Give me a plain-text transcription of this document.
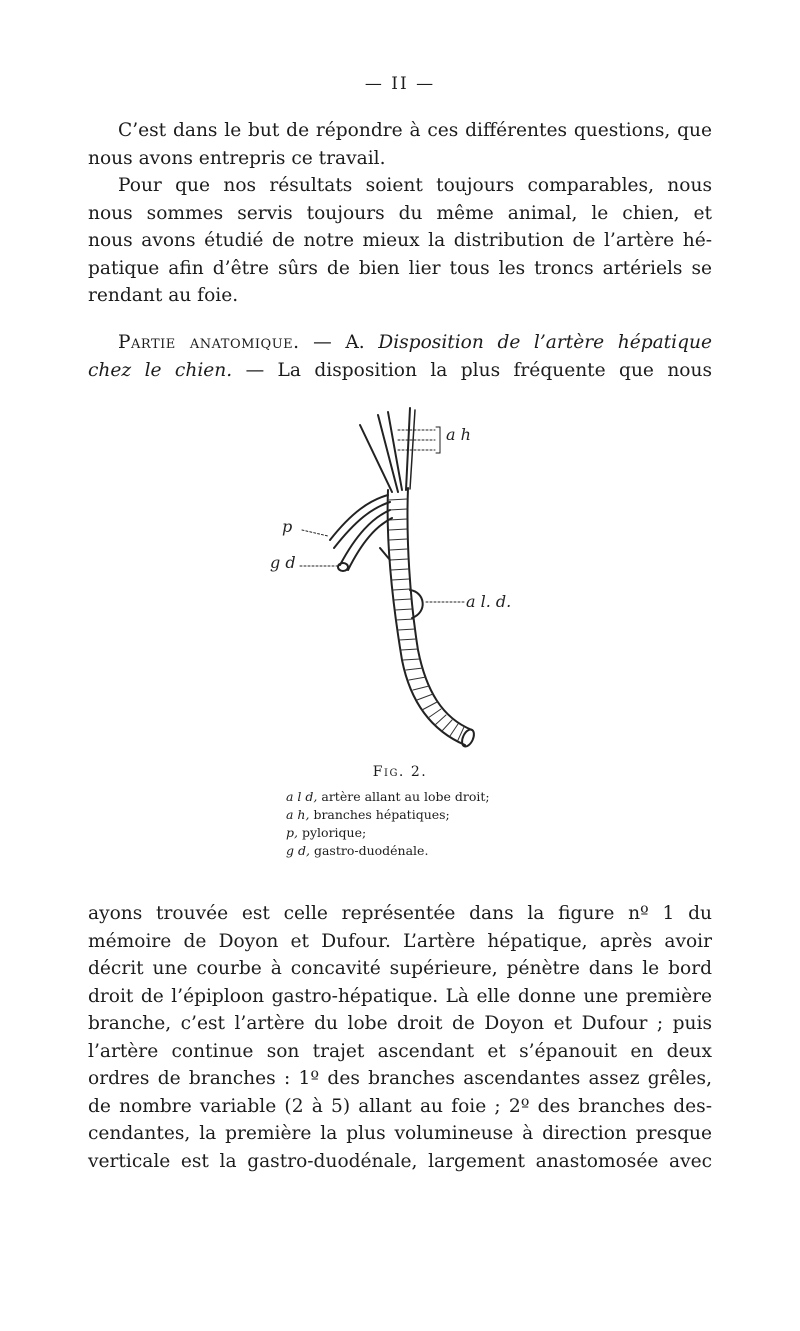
— II —

C’est dans le but de répondre à ces différentes questions, que
nous avons entrepris ce travail.

Pour que nos résultats soient toujours comparables, nous
nous sommes servis toujours du même animal, le chien, et
nous avons étudié de notre mieux la distribution de l’artère hé-
patique afin d’être sûrs de bien lier tous les troncs artériels se
rendant au foie.

Partie anatomique. — A. Disposition de l’artère hépatique
chez le chien. — La disposition la plus fréquente que nous

a h
p
g d
a l. d.
Fig. 2.
a l d, artère allant au lobe droit;
a h, branches hépatiques;
p, pylorique;
g d, gastro-duodénale.

ayons trouvée est celle représentée dans la figure nº 1 du
mémoire de Doyon et Dufour. L’artère hépatique, après avoir
décrit une courbe à concavité supérieure, pénètre dans le bord
droit de l’épiploon gastro-hépatique. Là elle donne une première
branche, c’est l’artère du lobe droit de Doyon et Dufour ; puis
l’artère continue son trajet ascendant et s’épanouit en deux
ordres de branches : 1º des branches ascendantes assez grêles,
de nombre variable (2 à 5) allant au foie ; 2º des branches des-
cendantes, la première la plus volumineuse à direction presque
verticale est la gastro-duodénale, largement anastomosée avec
